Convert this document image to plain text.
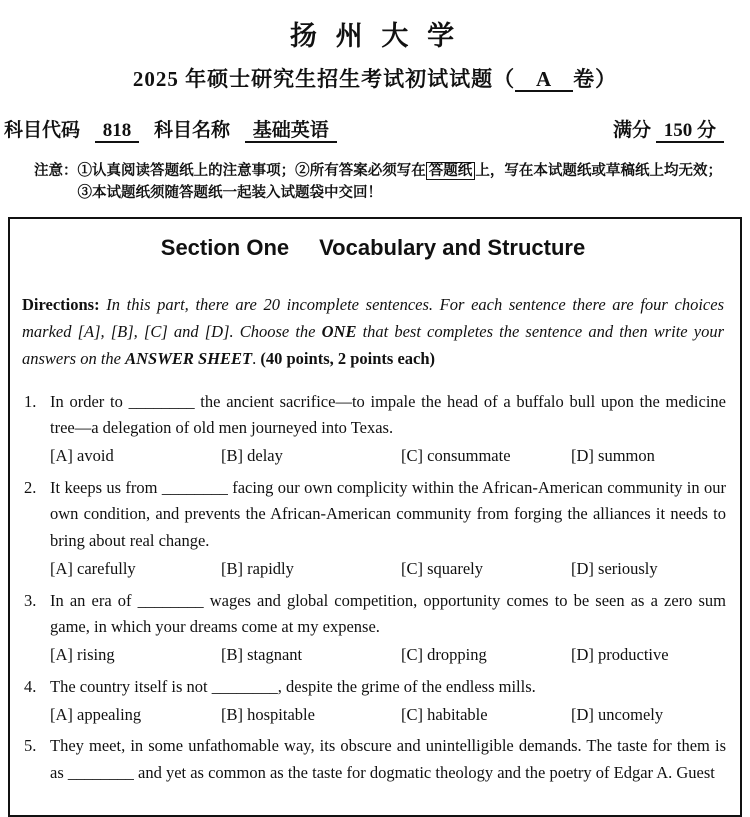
扬 州 大 学
2025 年硕士研究生招生考试初试试题（ A 卷）
科目代码 818 科目名称 基础英语	满分 150 分
注意： ①认真阅读答题纸上的注意事项；②所有答案必须写在 答题纸 上，写在本试题纸或草稿纸上均无效；③本试题纸须随答题纸一起装入试题袋中交回！
Section One Vocabulary and Structure

Directions: In this part, there are 20 incomplete sentences. For each sentence there are four choices marked [A], [B], [C] and [D]. Choose the ONE that best completes the sentence and then write your answers on the ANSWER SHEET. (40 points, 2 points each)

1. In order to ________ the ancient sacrifice—to impale the head of a buffalo bull upon the medicine tree—a delegation of old men journeyed into Texas.
[A] avoid	[B] delay	[C] consummate	[D] summon
2. It keeps us from ________ facing our own complicity within the African-American community in our own condition, and prevents the African-American community from forging the alliances it needs to bring about real change.
[A] carefully	[B] rapidly	[C] squarely	[D] seriously
3. In an era of ________ wages and global competition, opportunity comes to be seen as a zero sum game, in which your dreams come at my expense.
[A] rising	[B] stagnant	[C] dropping	[D] productive
4. The country itself is not ________, despite the grime of the endless mills.
[A] appealing	[B] hospitable	[C] habitable	[D] uncomely
5. They meet, in some unfathomable way, its obscure and unintelligible demands. The taste for them is as ________ and yet as common as the taste for dogmatic theology and the poetry of Edgar A. Guest
